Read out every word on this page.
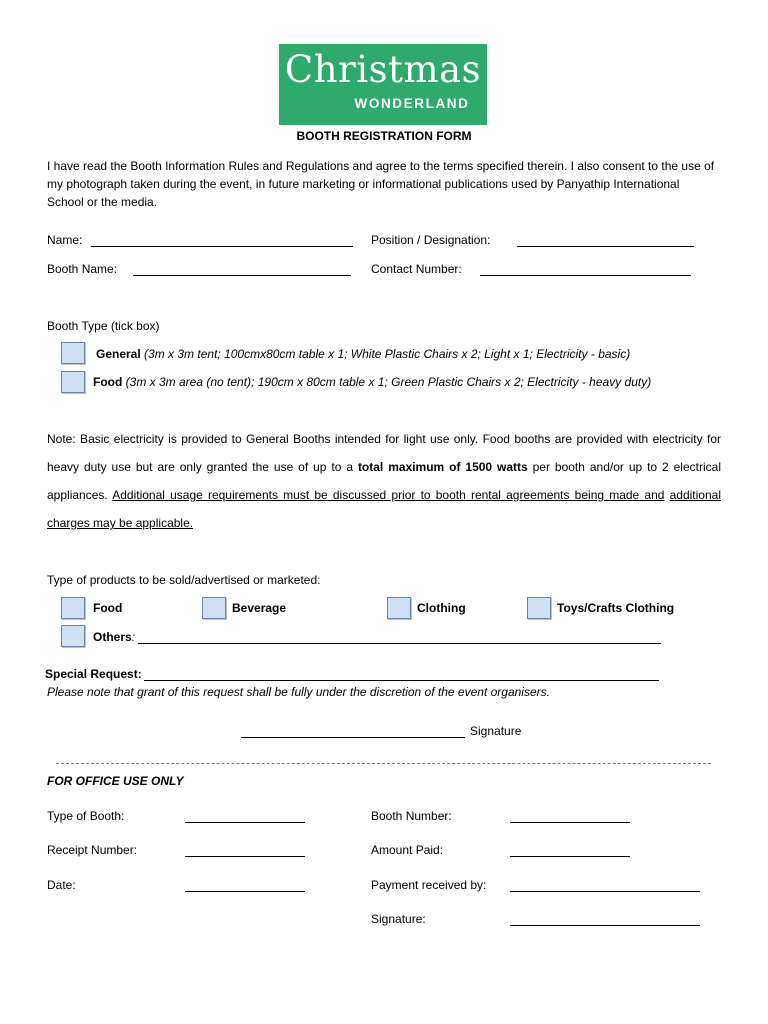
Christmas
WONDERLAND
BOOTH REGISTRATION FORM
I have read the Booth Information Rules and Regulations and agree to the terms specified therein. I also consent to the use of my photograph taken during the event, in future marketing or informational publications used by Panyathip International School or the media.
Name:	Position / Designation:
Booth Name:	Contact Number:
Booth Type (tick box)
General (3m x 3m tent; 100cmx80cm table x 1; White Plastic Chairs x 2; Light x 1; Electricity - basic)
Food (3m x 3m area (no tent); 190cm x 80cm table x 1; Green Plastic Chairs x 2; Electricity - heavy duty)
Note: Basic electricity is provided to General Booths intended for light use only. Food booths are provided with electricity for heavy duty use but are only granted the use of up to a total maximum of 1500 watts per booth and/or up to 2 electrical appliances. Additional usage requirements must be discussed prior to booth rental agreements being made and additional charges may be applicable.
Type of products to be sold/advertised or marketed:
Food	Beverage	Clothing	Toys/Crafts Clothing
Others:
Special Request:
Please note that grant of this request shall be fully under the discretion of the event organisers.
Signature
FOR OFFICE USE ONLY
Type of Booth:	Booth Number:
Receipt Number:	Amount Paid:
Date:	Payment received by:
Signature:
